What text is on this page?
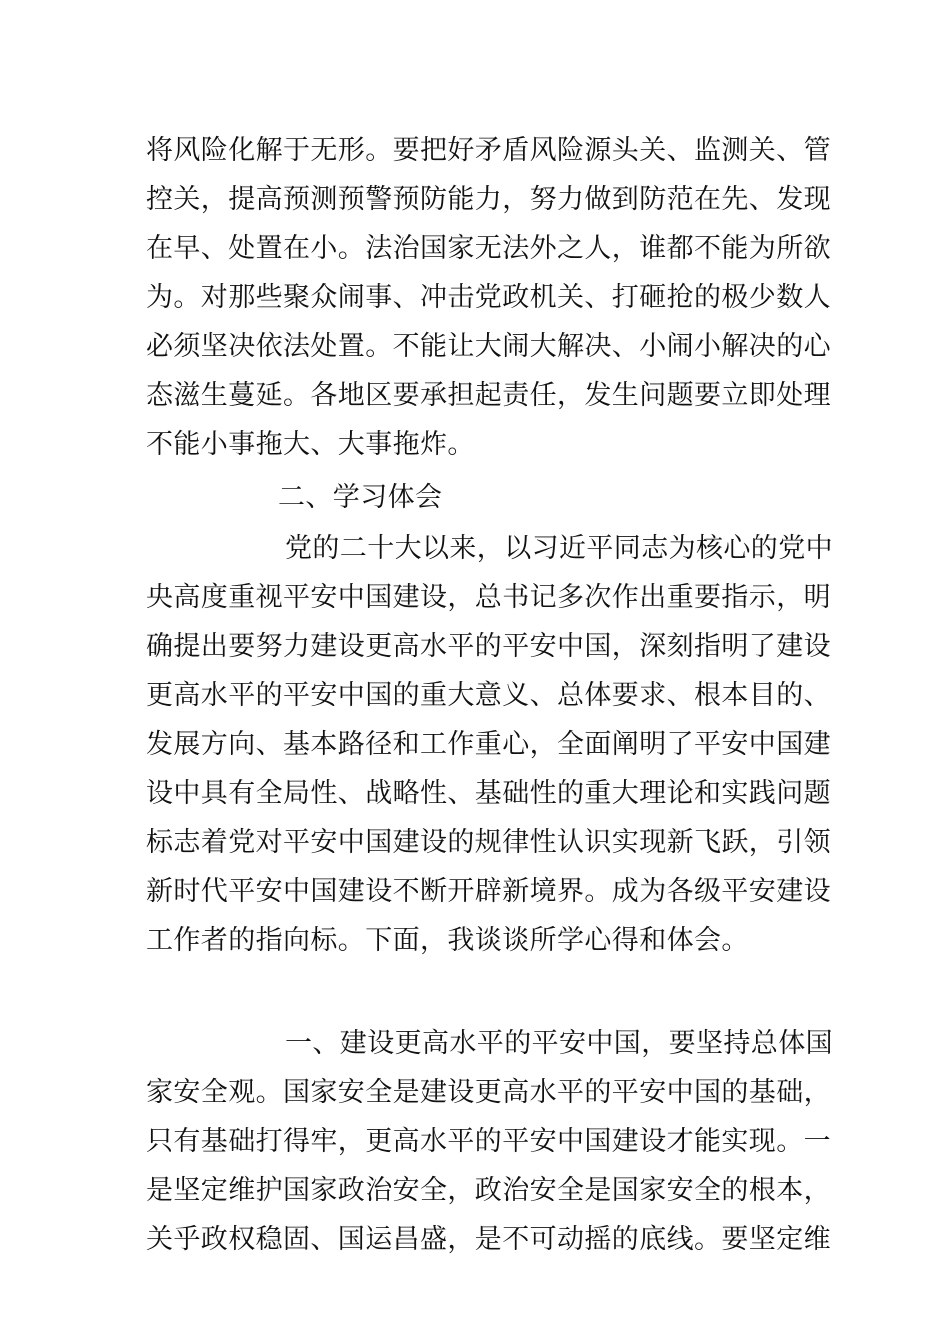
将风险化解于无形。要把好矛盾风险源头关、监测关、管
控关，提高预测预警预防能力，努力做到防范在先、发现
在早、处置在小。法治国家无法外之人，谁都不能为所欲
为。对那些聚众闹事、冲击党政机关、打砸抢的极少数人
必须坚决依法处置。不能让大闹大解决、小闹小解决的心
态滋生蔓延。各地区要承担起责任，发生问题要立即处理
不能小事拖大、大事拖炸。
二、学习体会
党的二十大以来，以习近平同志为核心的党中
央高度重视平安中国建设，总书记多次作出重要指示，明
确提出要努力建设更高水平的平安中国，深刻指明了建设
更高水平的平安中国的重大意义、总体要求、根本目的、
发展方向、基本路径和工作重心，全面阐明了平安中国建
设中具有全局性、战略性、基础性的重大理论和实践问题
标志着党对平安中国建设的规律性认识实现新飞跃，引领
新时代平安中国建设不断开辟新境界。成为各级平安建设
工作者的指向标。下面，我谈谈所学心得和体会。
一、建设更高水平的平安中国，要坚持总体国
家安全观。国家安全是建设更高水平的平安中国的基础，
只有基础打得牢，更高水平的平安中国建设才能实现。一
是坚定维护国家政治安全，政治安全是国家安全的根本，
关乎政权稳固、国运昌盛，是不可动摇的底线。要坚定维
